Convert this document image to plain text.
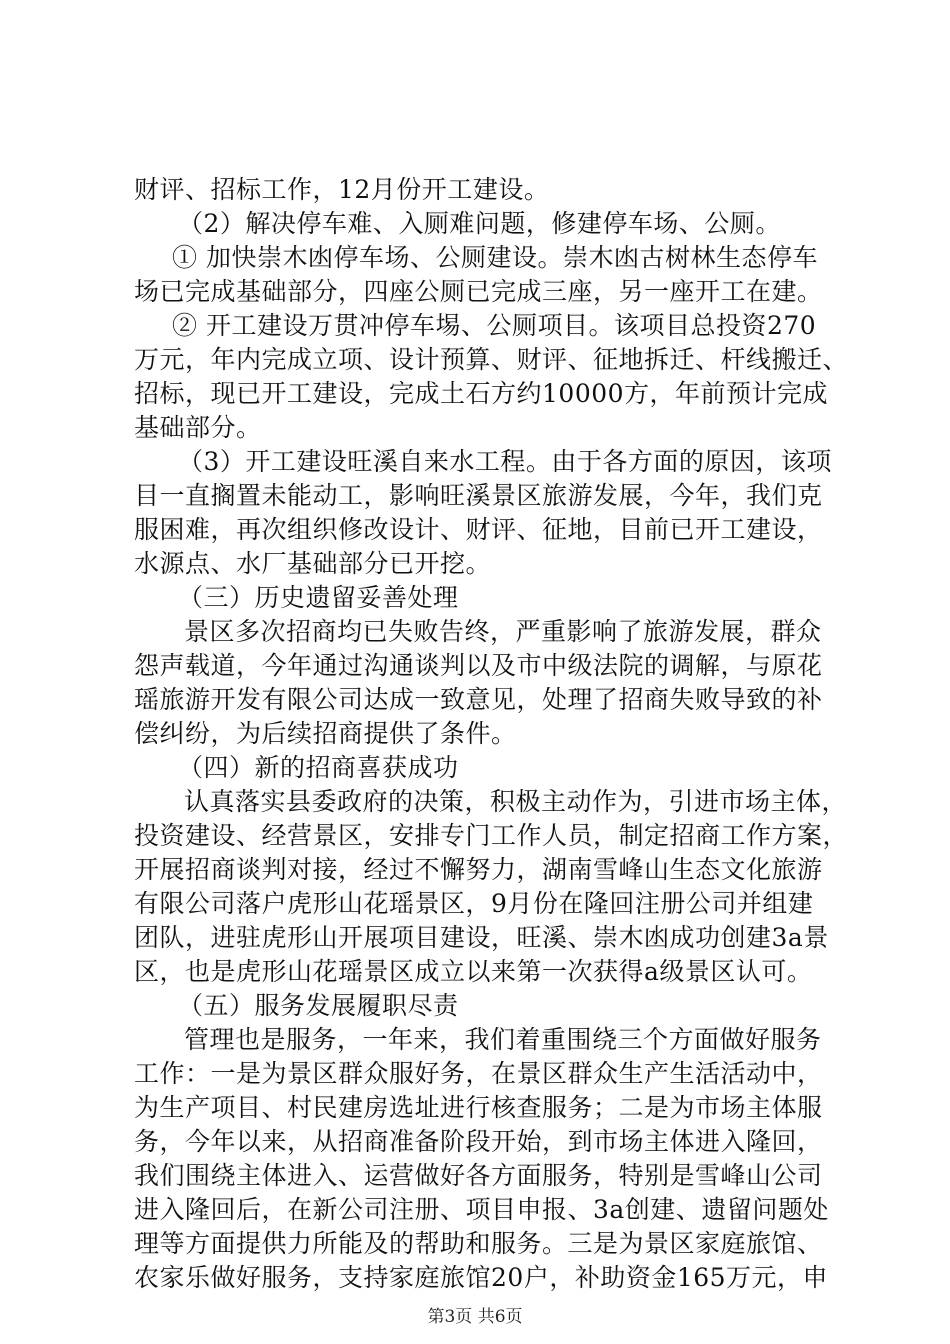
财评、招标工作，12月份开工建设。
（2）解决停车难、入厕难问题，修建停车场、公厕。
① 加快崇木凼停车场、公厕建设。崇木凼古树林生态停车
场已完成基础部分，四座公厕已完成三座，另一座开工在建。
② 开工建设万贯冲停车埸、公厕项目。该项目总投资270
万元，年内完成立项、设计预算、财评、征地拆迁、杆线搬迁、
招标，现已开工建设，完成土石方约10000方，年前预计完成
基础部分。
（3）开工建设旺溪自来水工程。由于各方面的原因，该项
目一直搁置未能动工，影响旺溪景区旅游发展，今年，我们克
服困难，再次组织修改设计、财评、征地，目前已开工建设，
水源点、水厂基础部分已开挖。
（三）历史遗留妥善处理
景区多次招商均已失败告终，严重影响了旅游发展，群众
怨声载道，今年通过沟通谈判以及市中级法院的调解，与原花
瑶旅游开发有限公司达成一致意见，处理了招商失败导致的补
偿纠纷，为后续招商提供了条件。
（四）新的招商喜获成功
认真落实县委政府的决策，积极主动作为，引进市场主体，
投资建设、经营景区，安排专门工作人员，制定招商工作方案，
开展招商谈判对接，经过不懈努力，湖南雪峰山生态文化旅游
有限公司落户虎形山花瑶景区，9月份在隆回注册公司并组建
团队，进驻虎形山开展项目建设，旺溪、崇木凼成功创建3a景
区，也是虎形山花瑶景区成立以来第一次获得a级景区认可。
（五）服务发展履职尽责
管理也是服务，一年来，我们着重围绕三个方面做好服务
工作：一是为景区群众服好务，在景区群众生产生活活动中，
为生产项目、村民建房选址进行核查服务；二是为市场主体服
务，今年以来，从招商准备阶段开始，到市场主体进入隆回，
我们围绕主体进入、运营做好各方面服务，特别是雪峰山公司
进入隆回后，在新公司注册、项目申报、3a创建、遗留问题处
理等方面提供力所能及的帮助和服务。三是为景区家庭旅馆、
农家乐做好服务，支持家庭旅馆20户，补助资金165万元，申
第3页 共6页
